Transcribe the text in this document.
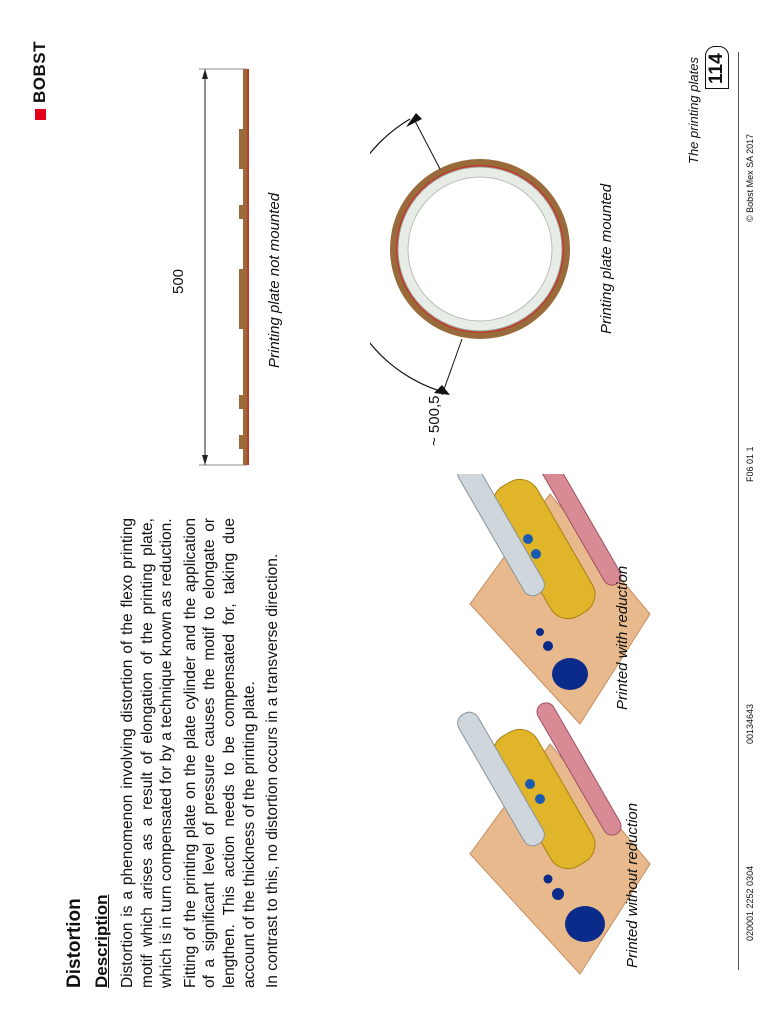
BOBST
Distortion Description Distortion is a phenomenon involving distortion of the flexo printing motif which arises as a result of elongation of the printing plate, which is in turn compensated for by a technique known as reduction. Fitting of the printing plate on the plate cylinder and the application of a significant level of pressure causes the motif to elongate or lengthen. This action needs to be compensated for, taking due account of the thickness of the printing plate. In contrast to this, no distortion occurs in a transverse direction.	Printed without reduction
Printed with reduction
500	Printing plate not mounted
~ 500,5
Printing plate mounted
020001 2252 0304
00134643
F06 01 1
© Bobst Mex SA 2017
The printing plates 114
